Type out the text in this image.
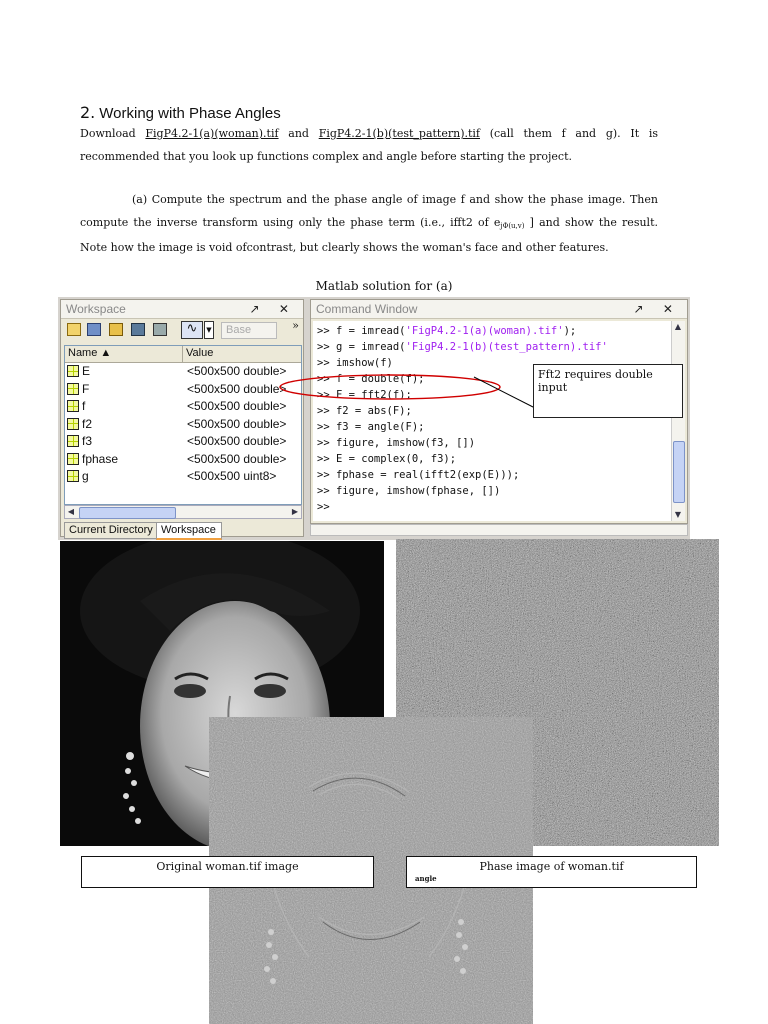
2. Working with Phase Angles
Download FigP4.2-1(a)(woman).tif and FigP4.2-1(b)(test_pattern).tif (call them f and g). It is recommended that you look up functions complex and angle before starting the project.
(a) Compute the spectrum and the phase angle of image f and show the phase image. Then compute the inverse transform using only the phase term (i.e., ifft2 of $e_{j\Phi(u,v)}$ ] and show the result. Note how the image is void ofcontrast, but clearly shows the woman's face and other features.
Matlab solution for (a)
Workspace	↗ ✕
∿	▼	Base	»
Name ▲	Value
E	<500x500 double>
F	<500x500 double>
f	<500x500 double>
f2	<500x500 double>
f3	<500x500 double>
fphase	<500x500 double>
g	<500x500 uint8>
◀	▶
Current Directory Workspace
Command Window	↗ ✕
>> f = imread('FigP4.2-1(a)(woman).tif');
>> g = imread('FigP4.2-1(b)(test_pattern).tif'
>> imshow(f)
>> f = double(f);
>> F = fft2(f);
>> f2 = abs(F);
>> f3 = angle(F);
>> figure, imshow(f3, [])
>> E = complex(0, f3);
>> fphase = real(ifft2(exp(E)));
>> figure, imshow(fphase, [])
>>
▲
▼
Fft2 requires double input
Original woman.tif image	Phase image of woman.tif
angle
